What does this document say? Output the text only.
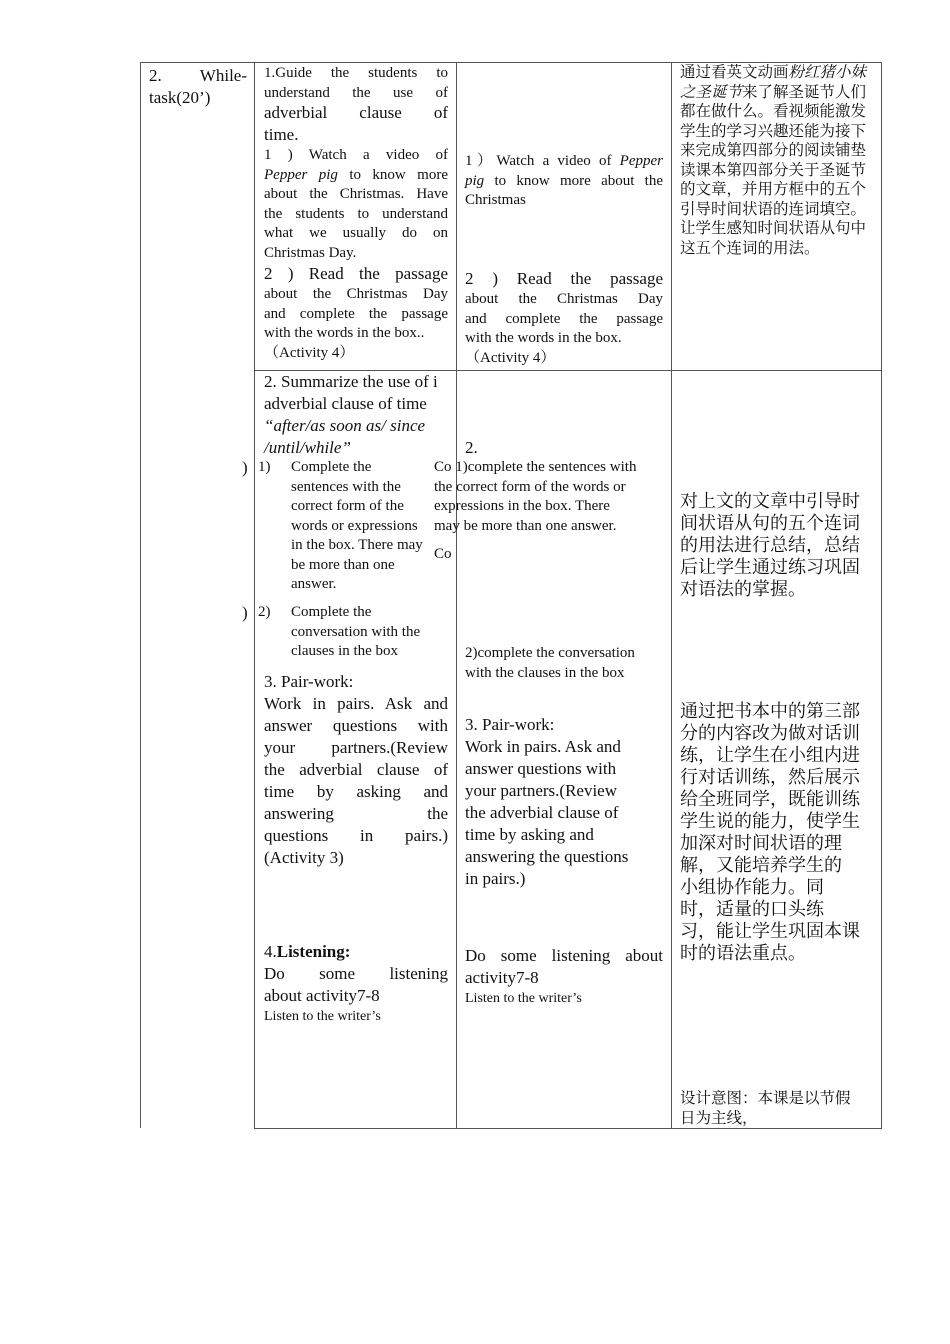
2. While-
task(20’)
)
)
1.Guide the students to
understand the use of
adverbial clause of
time.
1 ) Watch a video of
Pepper pig to know more
about the Christmas. Have
the students to understand
what we usually do on
Christmas Day.
2 ) Read the passage
about the Christmas Day
and complete the passage
with the words in the box..
（Activity 4）
2. Summarize the use of i
adverbial clause of time
“after/as soon as/ since
/until/while”
1) Complete the
sentences with the
correct form of the
words or expressions
in the box. There may
be more than one
answer.
2) Complete the
conversation with the
clauses in the box
3. Pair-work:
Work in pairs. Ask and
answer questions with
your partners.(Review
the adverbial clause of
time by asking and
answering the
questions in pairs.)
(Activity 3)
4.Listening:
Do some listening
about activity7-8
Listen to the writer’s
1）Watch a video of Pepper
pig to know more about the
Christmas
2 ) Read the passage
about the Christmas Day
and complete the passage
with the words in the box.
（Activity 4）
2.
Co 1)complete the sentences with
the correct form of the words or
expressions in the box. There
may be more than one answer.
Co
2)complete the conversation
with the clauses in the box
3. Pair-work:
Work in pairs. Ask and
answer questions with
your partners.(Review
the adverbial clause of
time by asking and
answering the questions
in pairs.)
Do some listening about
activity7-8
Listen to the writer’s
通过看英文动画粉红猪小妹
之圣诞节来了解圣诞节人们
都在做什么。看视频能激发
学生的学习兴趣还能为接下
来完成第四部分的阅读铺垫
读课本第四部分关于圣诞节
的文章，并用方框中的五个
引导时间状语的连词填空。
让学生感知时间状语从句中
这五个连词的用法。
对上文的文章中引导时
间状语从句的五个连词
的用法进行总结，总结
后让学生通过练习巩固
对语法的掌握。
通过把书本中的第三部
分的内容改为做对话训
练，让学生在小组内进
行对话训练，然后展示
给全班同学，既能训练
学生说的能力，使学生
加深对时间状语的理
解，又能培养学生的
小组协作能力。同
时，适量的口头练
习，能让学生巩固本课
时的语法重点。
设计意图：本课是以节假
日为主线，
